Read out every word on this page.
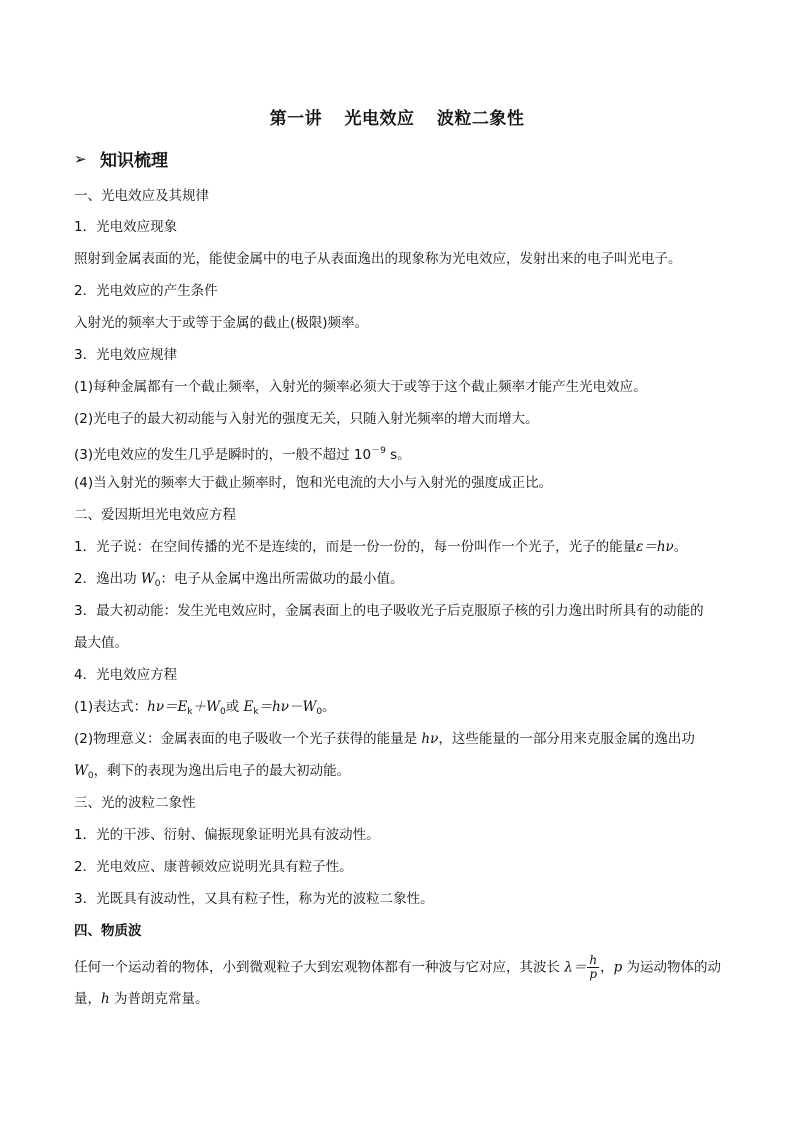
第一讲 光电效应 波粒二象性
➢ 知识梳理
一、光电效应及其规律
1．光电效应现象
照射到金属表面的光，能使金属中的电子从表面逸出的现象称为光电效应，发射出来的电子叫光电子。
2．光电效应的产生条件
入射光的频率大于或等于金属的截止(极限)频率。
3．光电效应规律
(1)每种金属都有一个截止频率，入射光的频率必须大于或等于这个截止频率才能产生光电效应。
(2)光电子的最大初动能与入射光的强度无关，只随入射光频率的增大而增大。
(3)光电效应的发生几乎是瞬时的，一般不超过 $10^{-9}$ s。
(4)当入射光的频率大于截止频率时，饱和光电流的大小与入射光的强度成正比。
二、爱因斯坦光电效应方程
1．光子说：在空间传播的光不是连续的，而是一份一份的，每一份叫作一个光子，光子的能量ε＝hν。
2．逸出功 $W_0$：电子从金属中逸出所需做功的最小值。
3．最大初动能：发生光电效应时，金属表面上的电子吸收光子后克服原子核的引力逸出时所具有的动能的
最大值。
4．光电效应方程
(1)表达式：$h\nu=E_k+W_0$或 $E_k=h\nu-W_0$。
(2)物理意义：金属表面的电子吸收一个光子获得的能量是 hν，这些能量的一部分用来克服金属的逸出功
$W_0$，剩下的表现为逸出后电子的最大初动能。
三、光的波粒二象性
1．光的干涉、衍射、偏振现象证明光具有波动性。
2．光电效应、康普顿效应说明光具有粒子性。
3．光既具有波动性，又具有粒子性，称为光的波粒二象性。
四、物质波
任何一个运动着的物体，小到微观粒子大到宏观物体都有一种波与它对应，其波长 $\lambda= \frac{h}{p}$ ，p 为运动物体的动
量，h 为普朗克常量。
